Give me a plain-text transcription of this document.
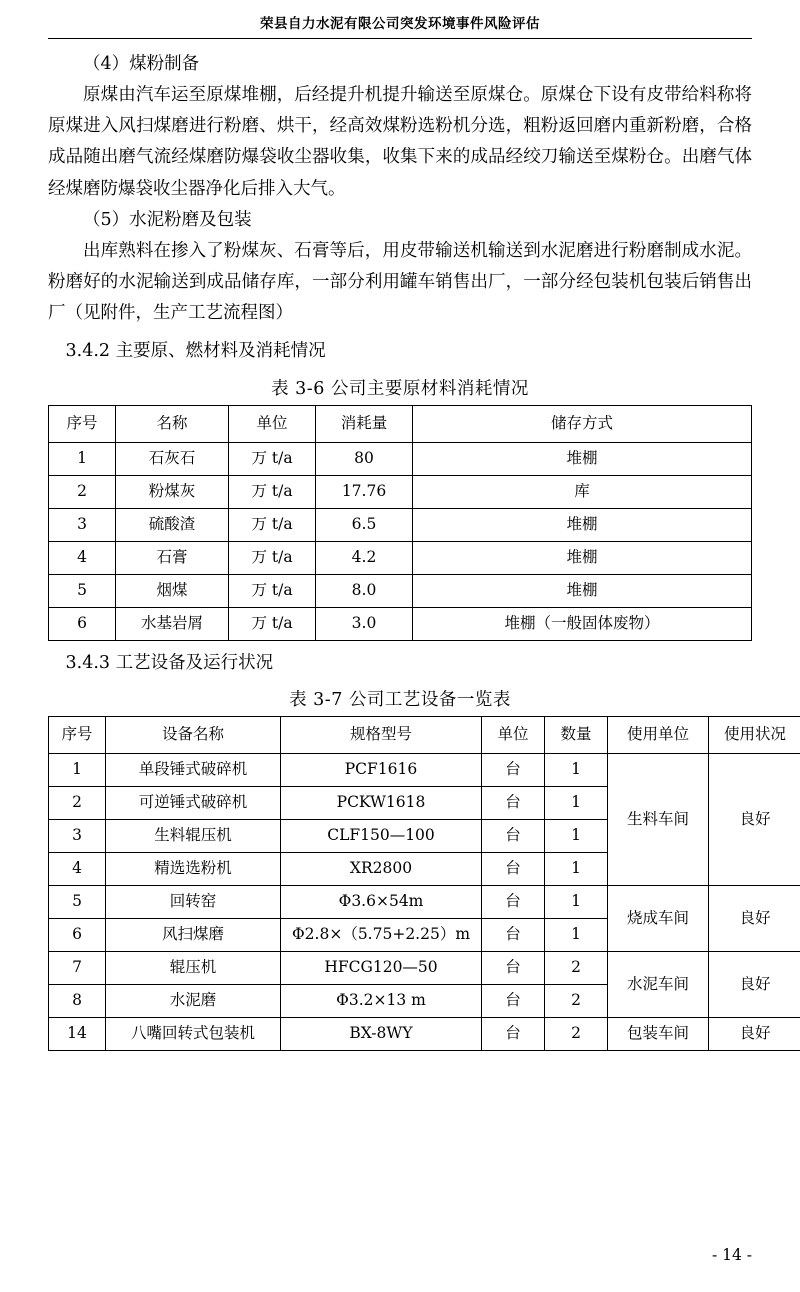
荣县自力水泥有限公司突发环境事件风险评估
（4）煤粉制备

原煤由汽车运至原煤堆棚，后经提升机提升输送至原煤仓。原煤仓下设有皮带给料称将原煤进入风扫煤磨进行粉磨、烘干，经高效煤粉选粉机分选，粗粉返回磨内重新粉磨，合格成品随出磨气流经煤磨防爆袋收尘器收集，收集下来的成品经绞刀输送至煤粉仓。出磨气体经煤磨防爆袋收尘器净化后排入大气。

（5）水泥粉磨及包装

出库熟料在掺入了粉煤灰、石膏等后，用皮带输送机输送到水泥磨进行粉磨制成水泥。粉磨好的水泥输送到成品储存库，一部分利用罐车销售出厂，一部分经包装机包装后销售出厂（见附件，生产工艺流程图）

3.4.2 主要原、燃材料及消耗情况
表 3-6 公司主要原材料消耗情况
序号	名称	单位	消耗量	储存方式
1	石灰石	万 t/a	80	堆棚
2	粉煤灰	万 t/a	17.76	库
3	硫酸渣	万 t/a	6.5	堆棚
4	石膏	万 t/a	4.2	堆棚
5	烟煤	万 t/a	8.0	堆棚
6	水基岩屑	万 t/a	3.0	堆棚（一般固体废物）
3.4.3 工艺设备及运行状况
表 3-7 公司工艺设备一览表
序号	设备名称	规格型号	单位	数量	使用单位	使用状况
1	单段锤式破碎机	PCF1616	台	1	生料车间	良好
2	可逆锤式破碎机	PCKW1618	台	1		
3	生料辊压机	CLF150—100	台	1		
4	精选选粉机	XR2800	台	1		
5	回转窑	Φ3.6×54m	台	1	烧成车间	良好
6	风扫煤磨	Φ2.8×（5.75+2.25）m	台	1		
7	辊压机	HFCG120—50	台	2	水泥车间	良好
8	水泥磨	Φ3.2×13 m	台	2		
14	八嘴回转式包装机	BX-8WY	台	2	包装车间	良好
- 14 -
